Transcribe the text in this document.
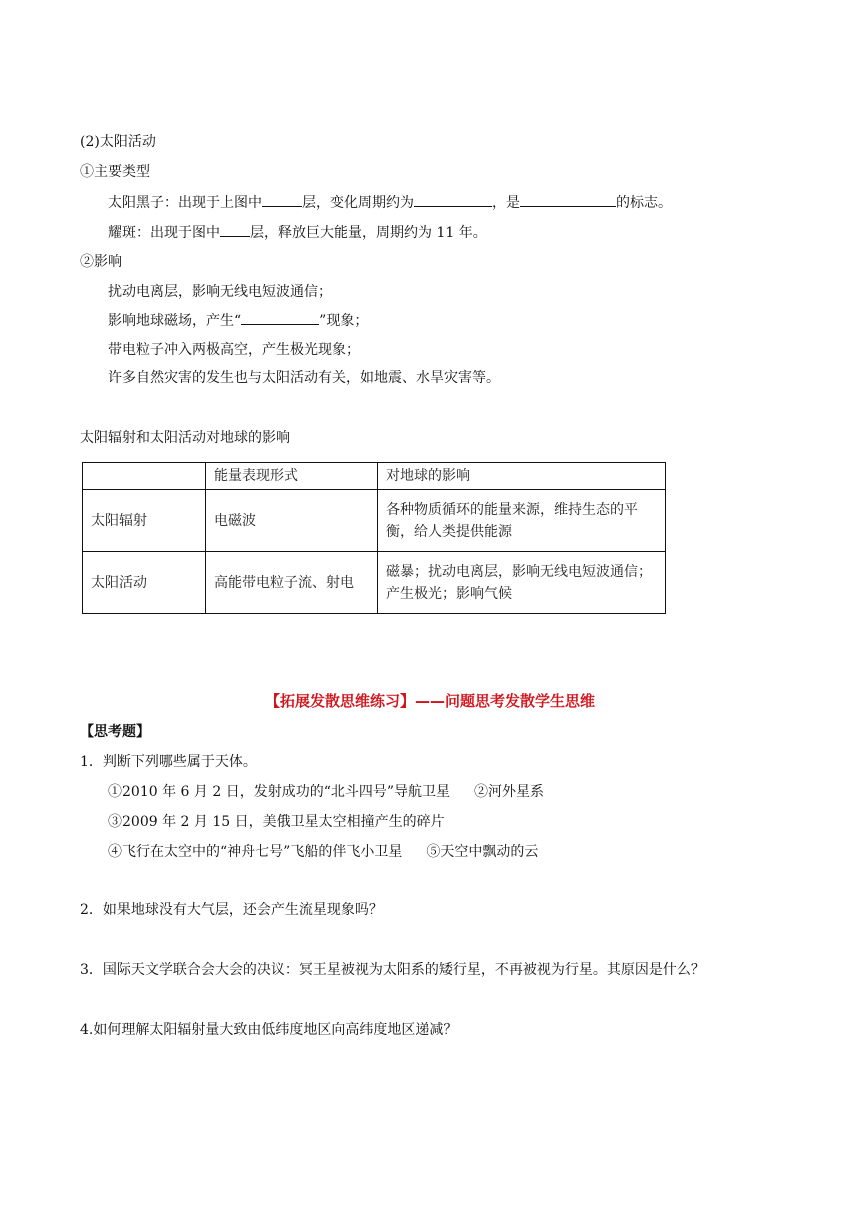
(2)太阳活动
①主要类型
太阳黑子：出现于上图中	层，变化周期约为	，是	的标志。
耀斑：出现于图中 层，释放巨大能量，周期约为 11 年。
②影响
扰动电离层，影响无线电短波通信；
影响地球磁场，产生“	”现象；
带电粒子冲入两极高空，产生极光现象；
许多自然灾害的发生也与太阳活动有关，如地震、水旱灾害等。
太阳辐射和太阳活动对地球的影响
	能量表现形式	对地球的影响
太阳辐射	电磁波	各种物质循环的能量来源，维持生态的平
衡，给人类提供能源

太阳活动	高能带电粒子流、射电	磁暴；扰动电离层，影响无线电短波通信；
产生极光；影响气候
【拓展发散思维练习】——问题思考发散学生思维
【思考题】
1．判断下列哪些属于天体。
①2010 年 6 月 2 日，发射成功的“北斗四号”导航卫星 ②河外星系
③2009 年 2 月 15 日，美俄卫星太空相撞产生的碎片
④飞行在太空中的“神舟七号”飞船的伴飞小卫星 ⑤天空中飘动的云
2．如果地球没有大气层，还会产生流星现象吗？
3．国际天文学联合会大会的决议：冥王星被视为太阳系的矮行星，不再被视为行星。其原因是什么？
4.如何理解太阳辐射量大致由低纬度地区向高纬度地区递减？
